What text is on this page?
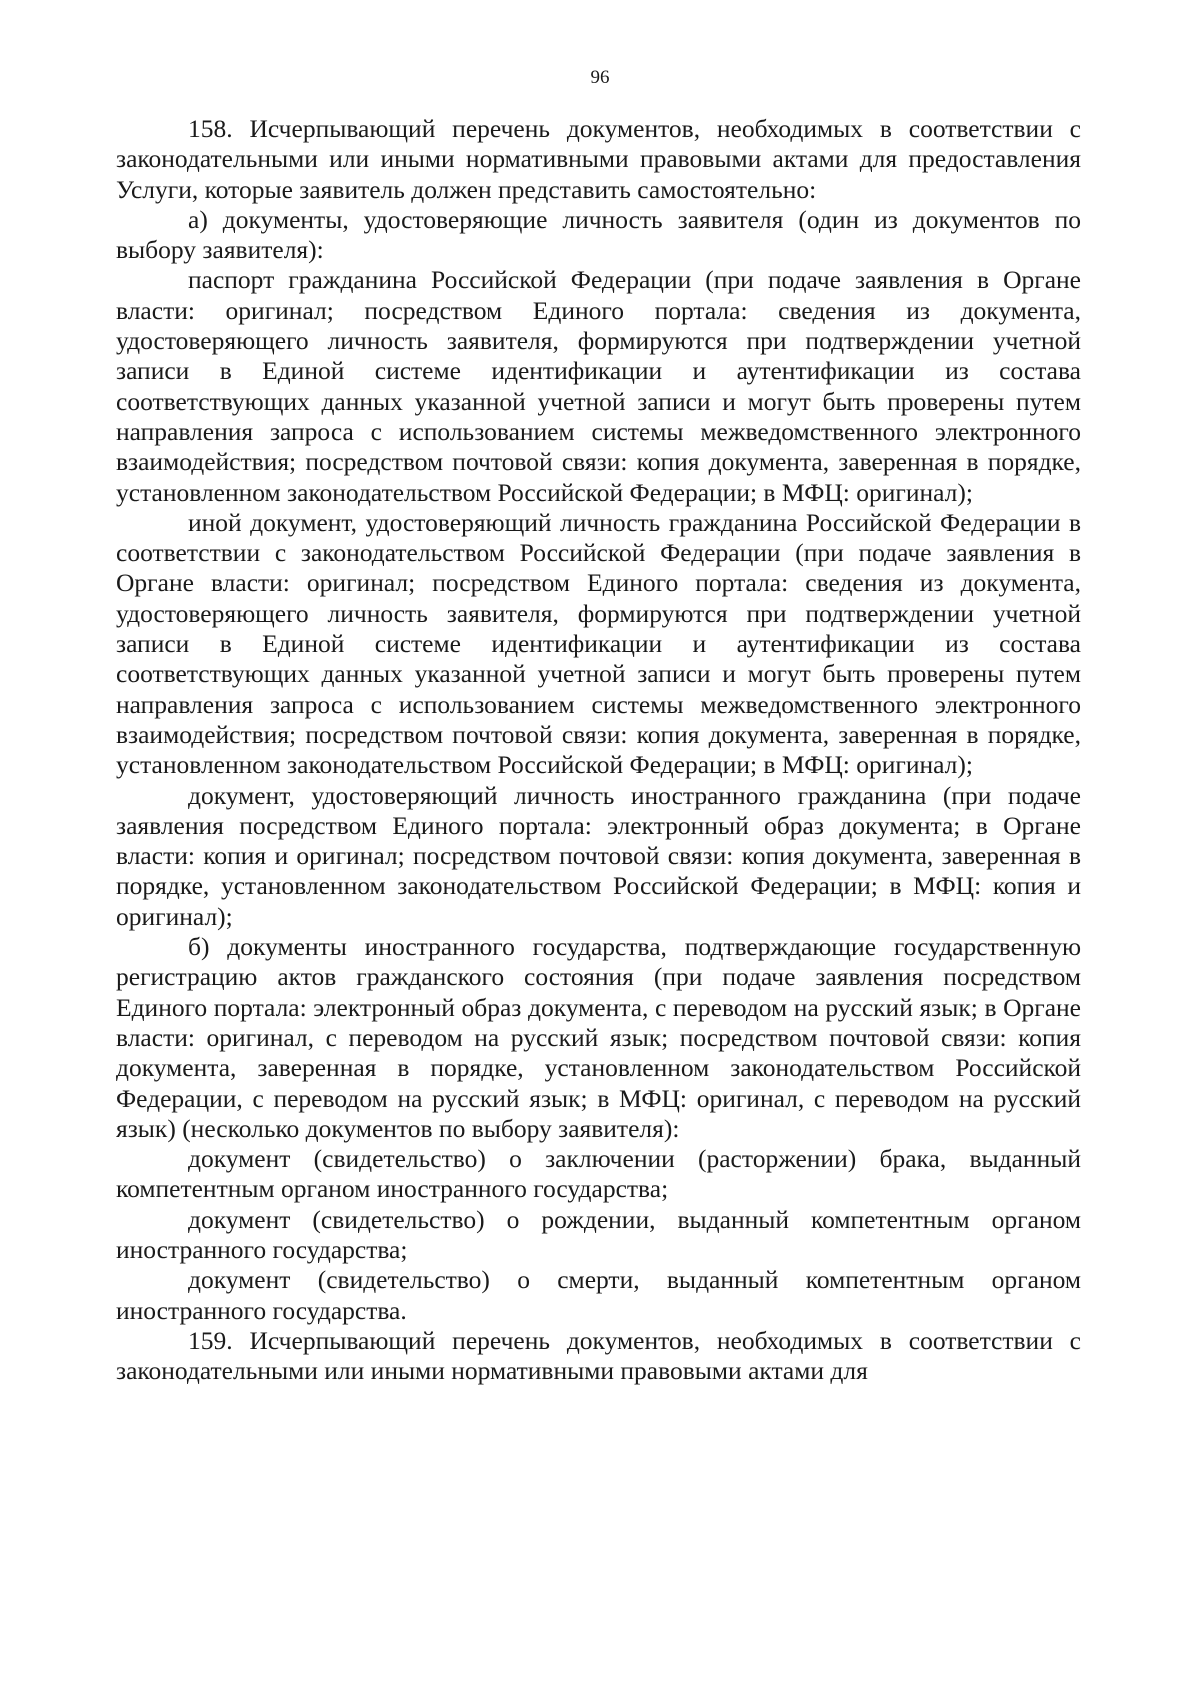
96

158. Исчерпывающий перечень документов, необходимых в соответствии с законодательными или иными нормативными правовыми актами для предоставления Услуги, которые заявитель должен представить самостоятельно:

а) документы, удостоверяющие личность заявителя (один из документов по выбору заявителя):

паспорт гражданина Российской Федерации (при подаче заявления в Органе власти: оригинал; посредством Единого портала: сведения из документа, удостоверяющего личность заявителя, формируются при подтверждении учетной записи в Единой системе идентификации и аутентификации из состава соответствующих данных указанной учетной записи и могут быть проверены путем направления запроса с использованием системы межведомственного электронного взаимодействия; посредством почтовой связи: копия документа, заверенная в порядке, установленном законодательством Российской Федерации; в МФЦ: оригинал);

иной документ, удостоверяющий личность гражданина Российской Федерации в соответствии с законодательством Российской Федерации (при подаче заявления в Органе власти: оригинал; посредством Единого портала: сведения из документа, удостоверяющего личность заявителя, формируются при подтверждении учетной записи в Единой системе идентификации и аутентификации из состава соответствующих данных указанной учетной записи и могут быть проверены путем направления запроса с использованием системы межведомственного электронного взаимодействия; посредством почтовой связи: копия документа, заверенная в порядке, установленном законодательством Российской Федерации; в МФЦ: оригинал);

документ, удостоверяющий личность иностранного гражданина (при подаче заявления посредством Единого портала: электронный образ документа; в Органе власти: копия и оригинал; посредством почтовой связи: копия документа, заверенная в порядке, установленном законодательством Российской Федерации; в МФЦ: копия и оригинал);

б) документы иностранного государства, подтверждающие государственную регистрацию актов гражданского состояния (при подаче заявления посредством Единого портала: электронный образ документа, с переводом на русский язык; в Органе власти: оригинал, с переводом на русский язык; посредством почтовой связи: копия документа, заверенная в порядке, установленном законодательством Российской Федерации, с переводом на русский язык; в МФЦ: оригинал, с переводом на русский язык) (несколько документов по выбору заявителя):

документ (свидетельство) о заключении (расторжении) брака, выданный компетентным органом иностранного государства;

документ (свидетельство) о рождении, выданный компетентным органом иностранного государства;

документ (свидетельство) о смерти, выданный компетентным органом иностранного государства.

159. Исчерпывающий перечень документов, необходимых в соответствии с законодательными или иными нормативными правовыми актами для
